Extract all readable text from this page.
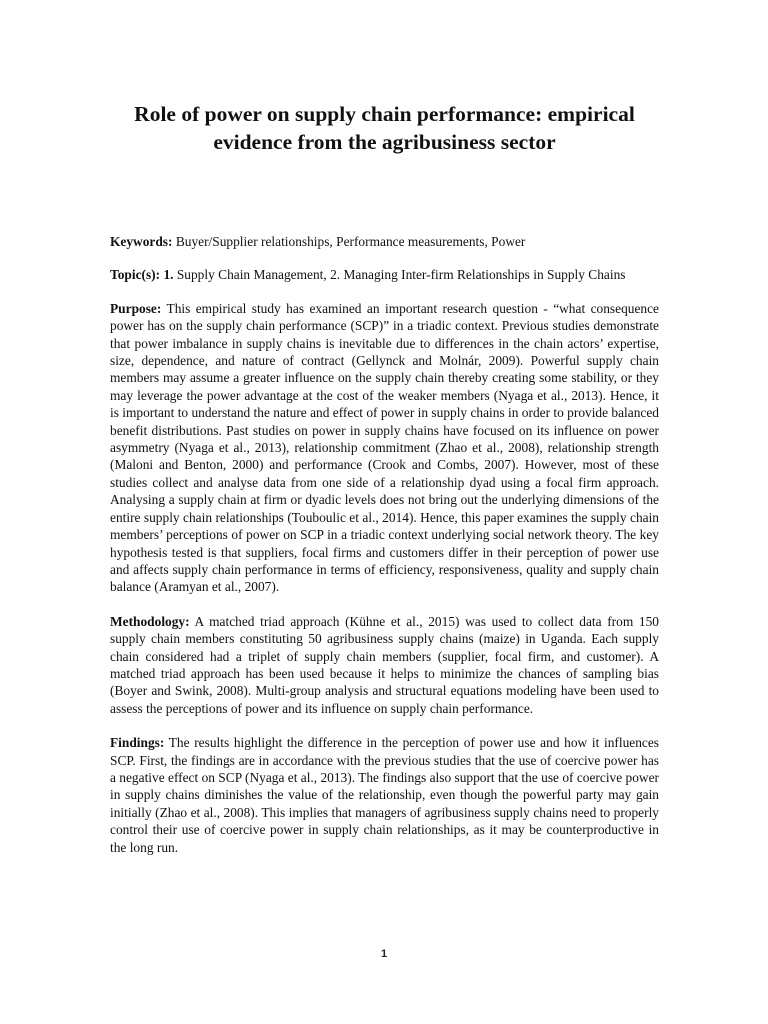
Role of power on supply chain performance: empirical evidence from the agribusiness sector

Keywords: Buyer/Supplier relationships, Performance measurements, Power

Topic(s): 1. Supply Chain Management, 2. Managing Inter-firm Relationships in Supply Chains

Purpose: This empirical study has examined an important research question - “what consequence power has on the supply chain performance (SCP)” in a triadic context. Previous studies demonstrate that power imbalance in supply chains is inevitable due to differences in the chain actors’ expertise, size, dependence, and nature of contract (Gellynck and Molnár, 2009). Powerful supply chain members may assume a greater influence on the supply chain thereby creating some stability, or they may leverage the power advantage at the cost of the weaker members (Nyaga et al., 2013). Hence, it is important to understand the nature and effect of power in supply chains in order to provide balanced benefit distributions. Past studies on power in supply chains have focused on its influence on power asymmetry (Nyaga et al., 2013), relationship commitment (Zhao et al., 2008), relationship strength (Maloni and Benton, 2000) and performance (Crook and Combs, 2007). However, most of these studies collect and analyse data from one side of a relationship dyad using a focal firm approach. Analysing a supply chain at firm or dyadic levels does not bring out the underlying dimensions of the entire supply chain relationships (Touboulic et al., 2014). Hence, this paper examines the supply chain members’ perceptions of power on SCP in a triadic context underlying social network theory. The key hypothesis tested is that suppliers, focal firms and customers differ in their perception of power use and affects supply chain performance in terms of efficiency, responsiveness, quality and supply chain balance (Aramyan et al., 2007).

Methodology: A matched triad approach (Kühne et al., 2015) was used to collect data from 150 supply chain members constituting 50 agribusiness supply chains (maize) in Uganda. Each supply chain considered had a triplet of supply chain members (supplier, focal firm, and customer). A matched triad approach has been used because it helps to minimize the chances of sampling bias (Boyer and Swink, 2008). Multi-group analysis and structural equations modeling have been used to assess the perceptions of power and its influence on supply chain performance.

Findings: The results highlight the difference in the perception of power use and how it influences SCP. First, the findings are in accordance with the previous studies that the use of coercive power has a negative effect on SCP (Nyaga et al., 2013). The findings also support that the use of coercive power in supply chains diminishes the value of the relationship, even though the powerful party may gain initially (Zhao et al., 2008). This implies that managers of agribusiness supply chains need to properly control their use of coercive power in supply chain relationships, as it may be counterproductive in the long run.

1
